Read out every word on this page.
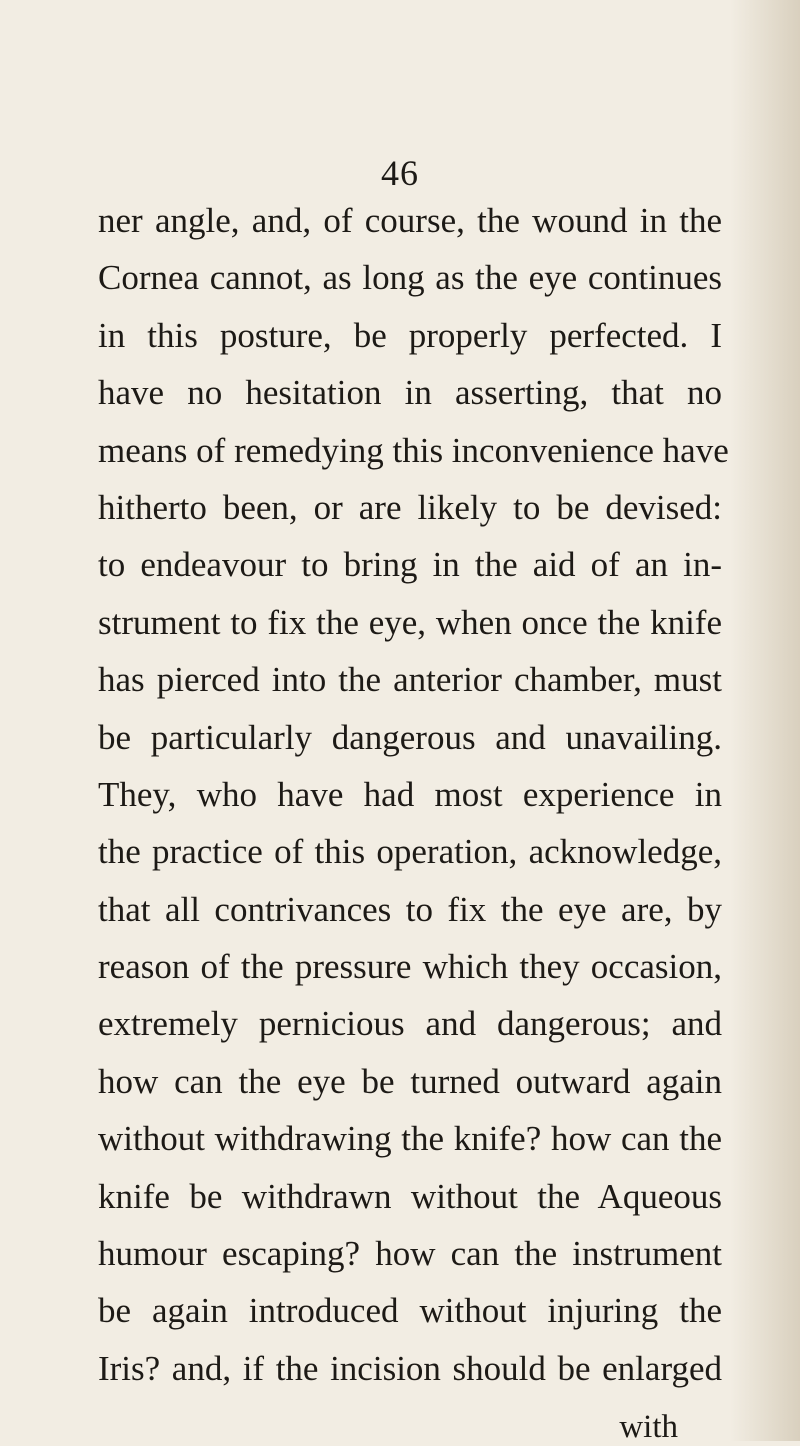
46
ner angle, and, of course, the wound in the
Cornea cannot, as long as the eye continues
in this posture, be properly perfected. I
have no hesitation in asserting, that no
means of remedying this inconvenience have
hitherto been, or are likely to be devised:
to endeavour to bring in the aid of an in-
strument to fix the eye, when once the knife
has pierced into the anterior chamber, must
be particularly dangerous and unavailing.
They, who have had most experience in
the practice of this operation, acknowledge,
that all contrivances to fix the eye are, by
reason of the pressure which they occasion,
extremely pernicious and dangerous; and
how can the eye be turned outward again
without withdrawing the knife? how can the
knife be withdrawn without the Aqueous
humour escaping? how can the instrument
be again introduced without injuring the
Iris? and, if the incision should be enlarged
with
